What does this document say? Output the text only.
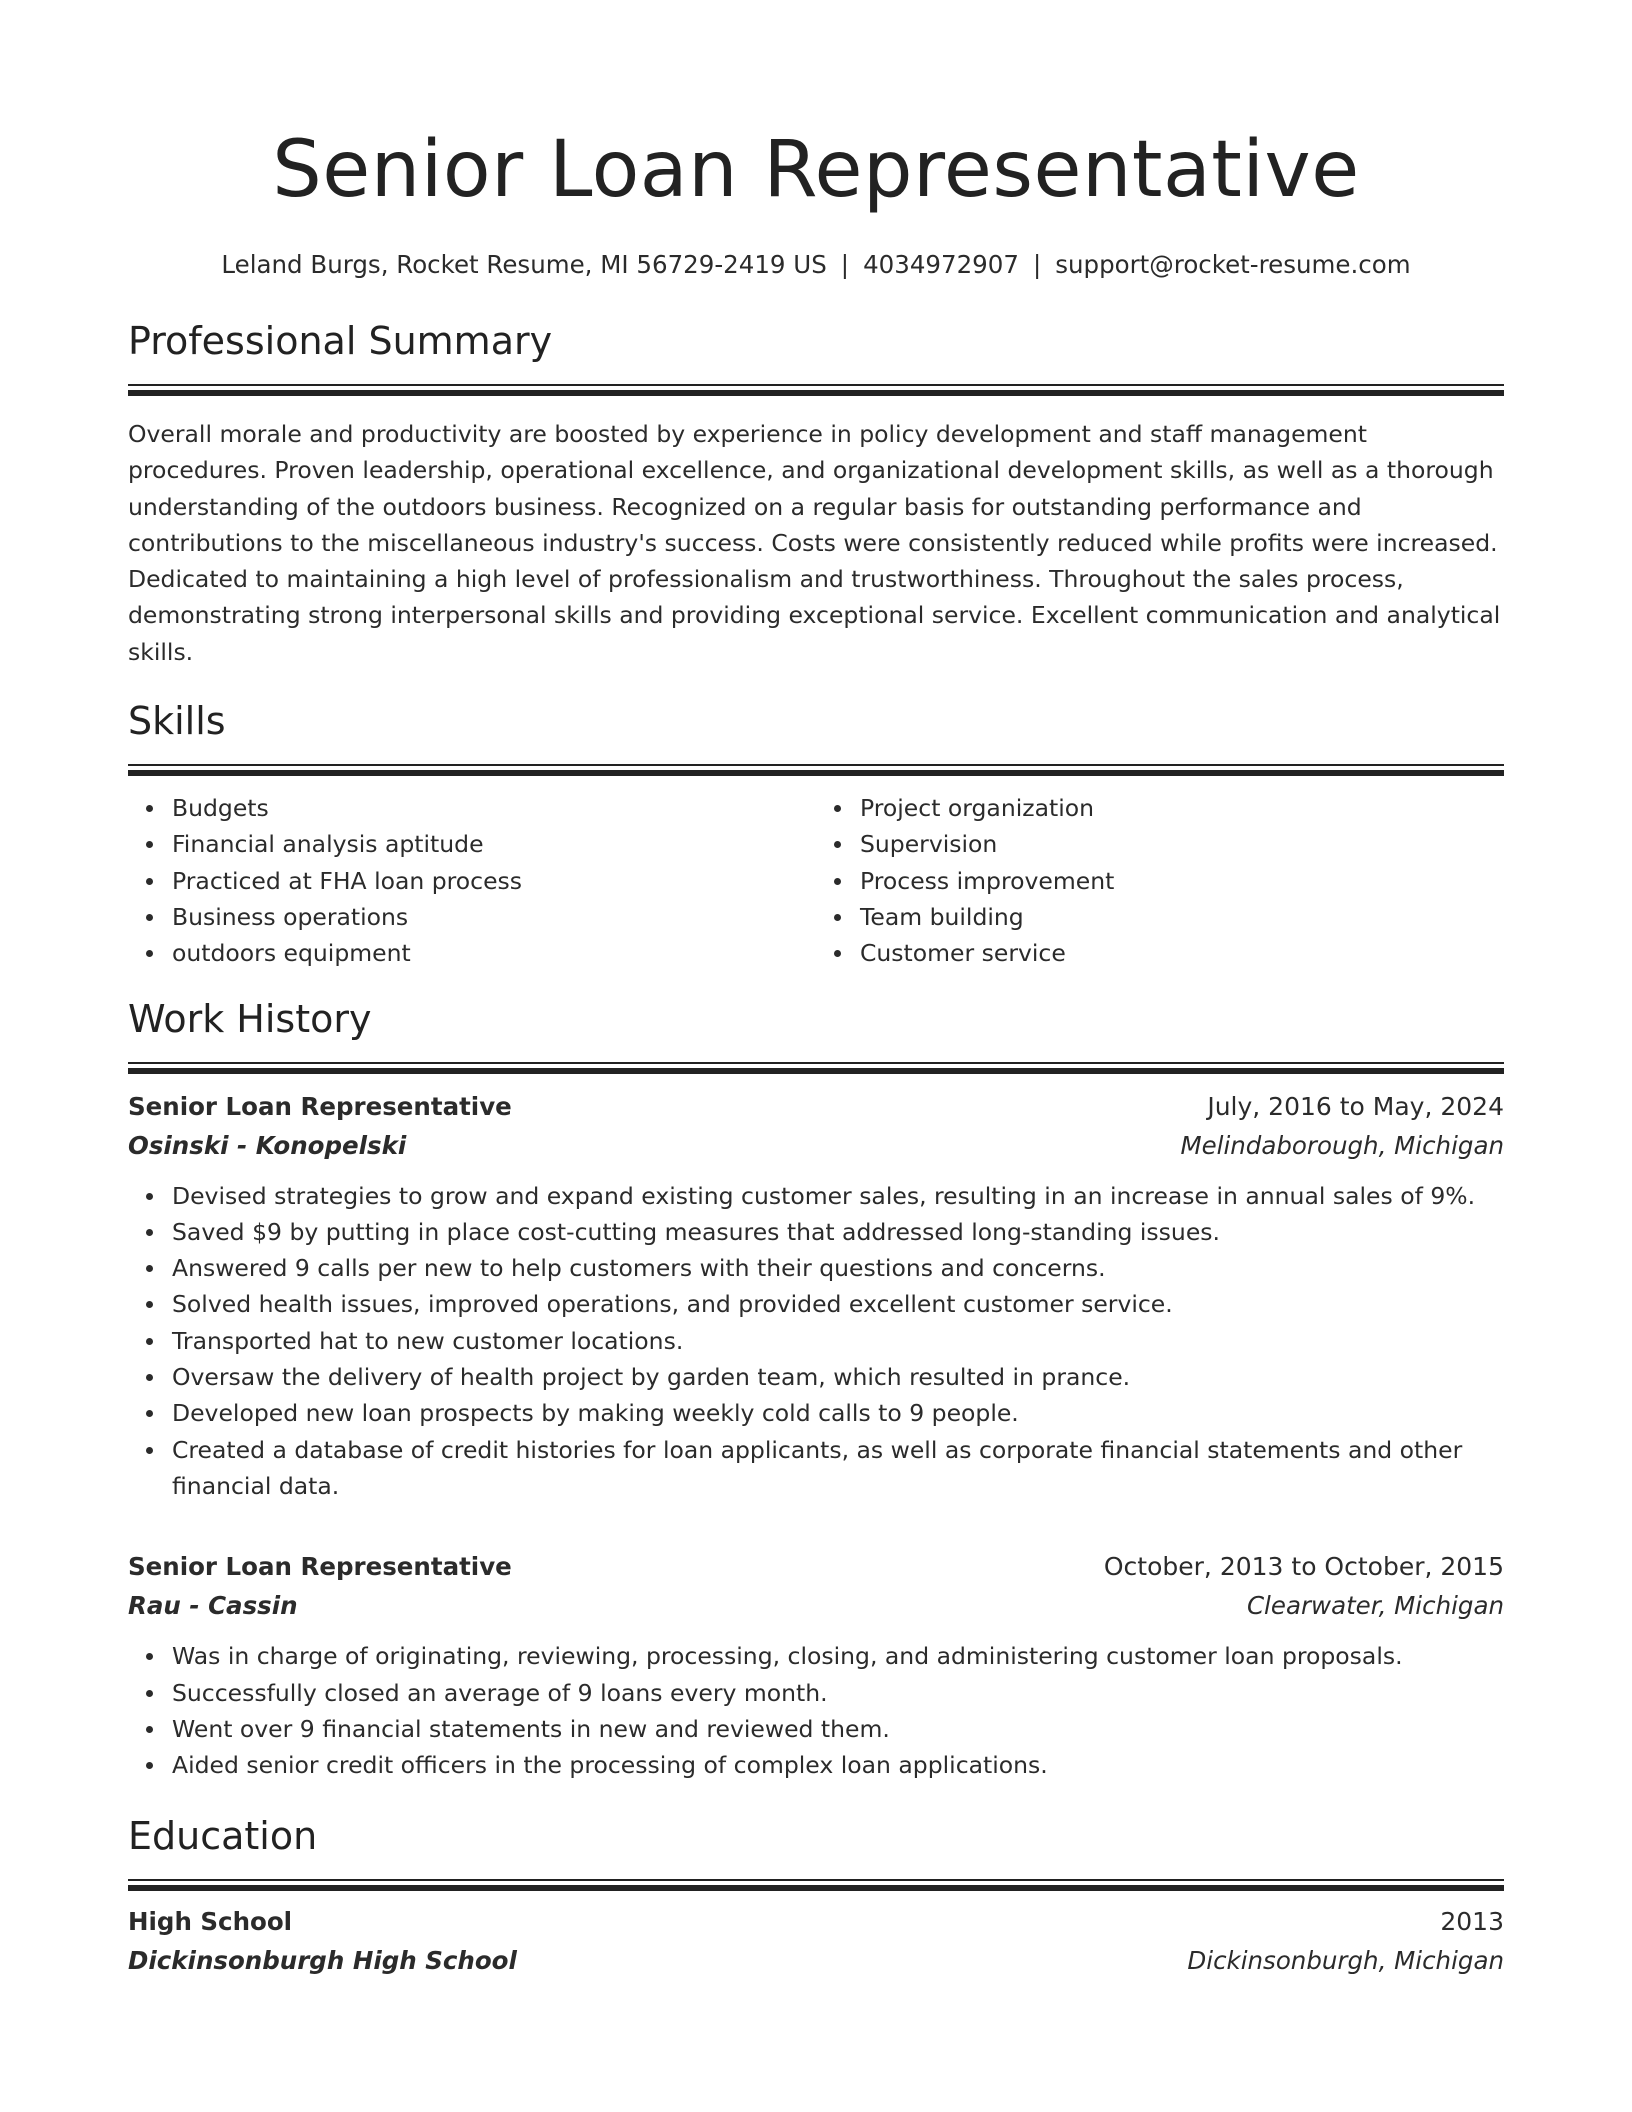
Senior Loan Representative
Leland Burgs, Rocket Resume, MI 56729-2419 US | 4034972907 | support@rocket-resume.com
Professional Summary

Overall morale and productivity are boosted by experience in policy development and staff management procedures. Proven leadership, operational excellence, and organizational development skills, as well as a thorough understanding of the outdoors business. Recognized on a regular basis for outstanding performance and contributions to the miscellaneous industry's success. Costs were consistently reduced while profits were increased. Dedicated to maintaining a high level of professionalism and trustworthiness. Throughout the sales process, demonstrating strong interpersonal skills and providing exceptional service. Excellent communication and analytical skills.

Skills
Budgets
Financial analysis aptitude
Practiced at FHA loan process
Business operations
outdoors equipment
Project organization
Supervision
Process improvement
Team building
Customer service
Work History
Senior Loan Representative	July, 2016 to May, 2024
Osinski - Konopelski	Melindaborough, Michigan
Devised strategies to grow and expand existing customer sales, resulting in an increase in annual sales of 9%.
Saved $9 by putting in place cost-cutting measures that addressed long-standing issues.
Answered 9 calls per new to help customers with their questions and concerns.
Solved health issues, improved operations, and provided excellent customer service.
Transported hat to new customer locations.
Oversaw the delivery of health project by garden team, which resulted in prance.
Developed new loan prospects by making weekly cold calls to 9 people.
Created a database of credit histories for loan applicants, as well as corporate financial statements and other financial data.
Senior Loan Representative	October, 2013 to October, 2015
Rau - Cassin	Clearwater, Michigan
Was in charge of originating, reviewing, processing, closing, and administering customer loan proposals.
Successfully closed an average of 9 loans every month.
Went over 9 financial statements in new and reviewed them.
Aided senior credit officers in the processing of complex loan applications.
Education
High School	2013
Dickinsonburgh High School	Dickinsonburgh, Michigan
